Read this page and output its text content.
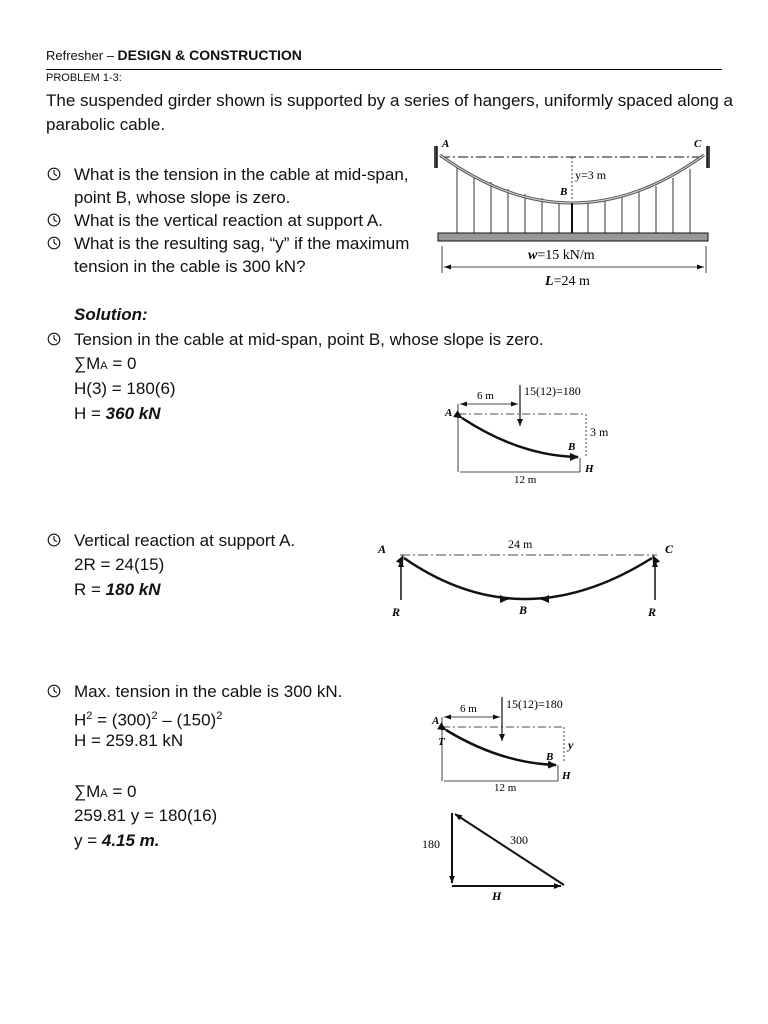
Refresher – DESIGN & CONSTRUCTION
PROBLEM 1-3:
The suspended girder shown is supported by a series of hangers, uniformly spaced along a parabolic cable.
What is the tension in the cable at mid-span,
point B, whose slope is zero.
What is the vertical reaction at support A.
What is the resulting sag, “y” if the maximum
tension in the cable is 300 kN?
A	C
B
y=3 m
w=15 kN/m
L=24 m
Solution:
Tension in the cable at mid-span, point B, whose slope is zero.
∑MA = 0
H(3) = 180(6)
H = 360 kN
6 m	15(12)=180
A
B
H
3 m
12 m
Vertical reaction at support A.
2R = 24(15)
R = 180 kN
24 m
A	C
B
R	R
Max. tension in the cable is 300 kN.
$H^2 = (300)^2 - (150)^2$
H = 259.81 kN
∑MA = 0
259.81 y = 180(16)
y = 4.15 m.
6 m 15(12)=180
A
T
B
H
y
12 m
180	300
H
